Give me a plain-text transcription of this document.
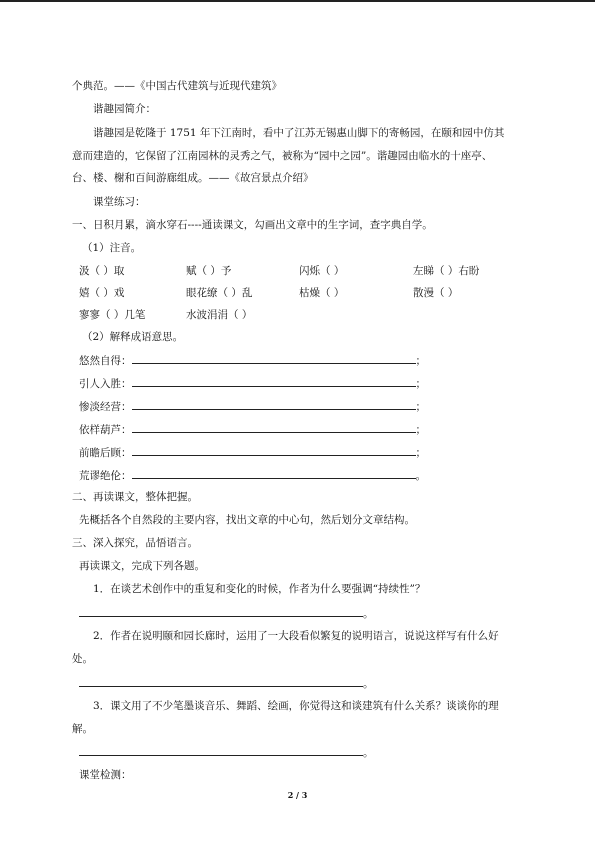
个典范。——《中国古代建筑与近现代建筑》
谐趣园简介：
谐趣园是乾隆于 1751 年下江南时，看中了江苏无锡惠山脚下的寄畅园，在颐和园中仿其
意而建造的，它保留了江南园林的灵秀之气，被称为“园中之园”。谐趣园由临水的十座亭、
台、楼、榭和百间游廊组成。——《故宫景点介绍》
课堂练习：
一、日积月累，滴水穿石----通读课文，勾画出文章中的生字词，查字典自学。
（1）注音。
汲（ ）取	赋（ ）予	闪烁（ ）	左睇（ ）右盼
嬉（ ）戏	眼花缭（ ）乱	枯燥（ ）	散漫（ ）
寥寥（ ）几笔	水波涓涓（ ）
（2）解释成语意思。
悠然自得：	；
引人入胜：	；
惨淡经营：	；
依样葫芦：	；
前瞻后顾：	；
荒谬绝伦：	。
二、再读课文，整体把握。
先概括各个自然段的主要内容，找出文章的中心句，然后划分文章结构。
三、深入探究，品悟语言。
再读课文，完成下列各题。
1．在谈艺术创作中的重复和变化的时候，作者为什么要强调“持续性”？
。
2．作者在说明颐和园长廊时，运用了一大段看似繁复的说明语言，说说这样写有什么好
处。
。
3．课文用了不少笔墨谈音乐、舞蹈、绘画，你觉得这和谈建筑有什么关系？谈谈你的理
解。
。
课堂检测：
2 / 3
